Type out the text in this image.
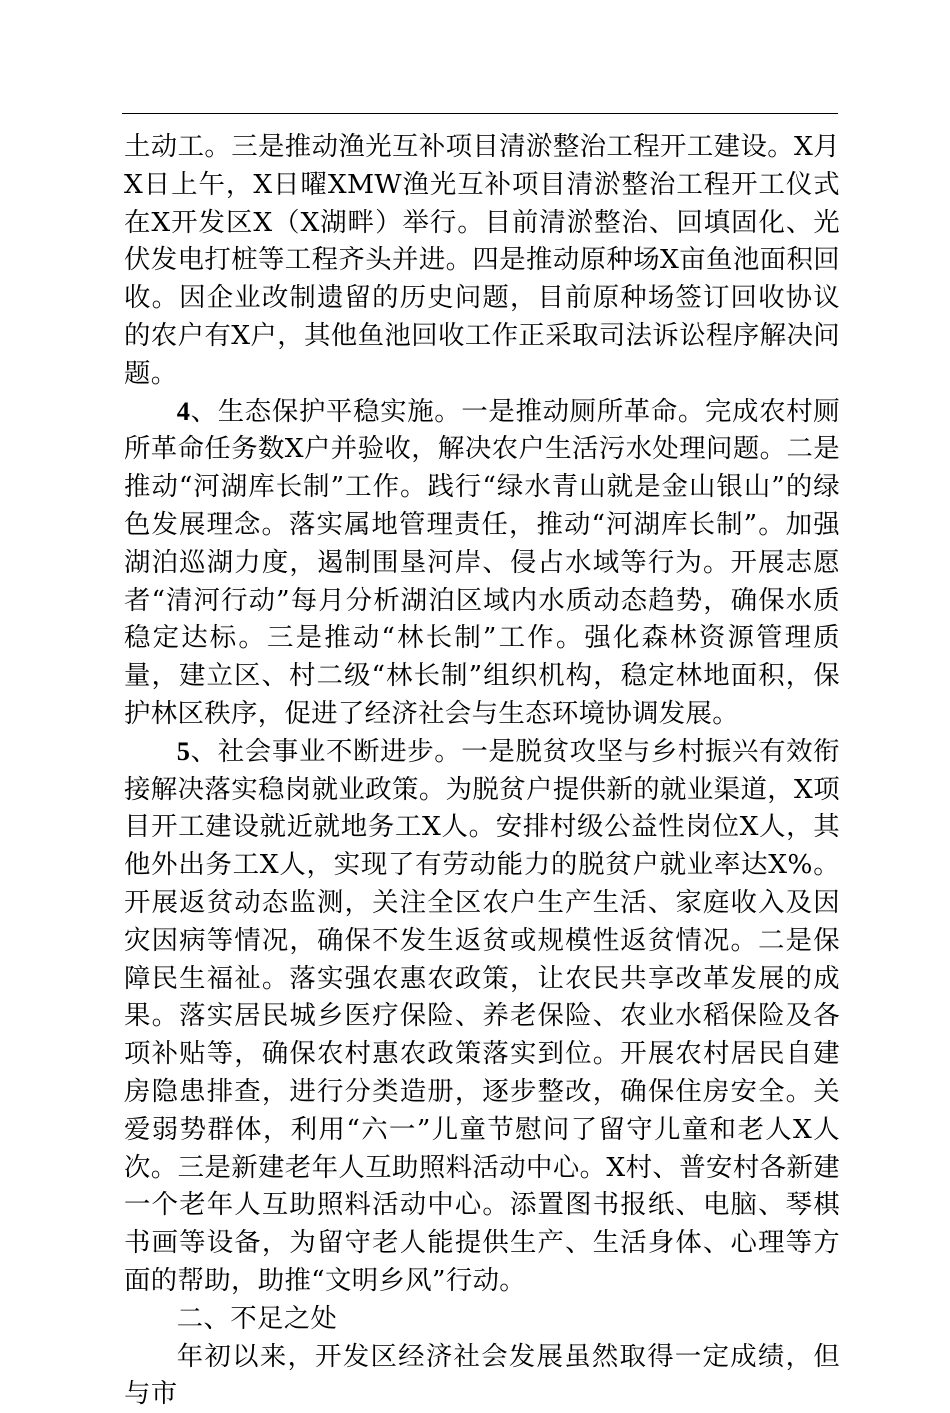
土动工。三是推动渔光互补项目清淤整治工程开工建设。X月X日上午，X日曜XMW渔光互补项目清淤整治工程开工仪式在X开发区X（X湖畔）举行。目前清淤整治、回填固化、光伏发电打桩等工程齐头并进。四是推动原种场X亩鱼池面积回收。因企业改制遗留的历史问题，目前原种场签订回收协议的农户有X户，其他鱼池回收工作正采取司法诉讼程序解决问题。

4、生态保护平稳实施。一是推动厕所革命。完成农村厕所革命任务数X户并验收，解决农户生活污水处理问题。二是推动“河湖库长制”工作。践行“绿水青山就是金山银山”的绿色发展理念。落实属地管理责任，推动“河湖库长制”。加强湖泊巡湖力度，遏制围垦河岸、侵占水域等行为。开展志愿者“清河行动”每月分析湖泊区域内水质动态趋势，确保水质稳定达标。三是推动“林长制”工作。强化森林资源管理质量，建立区、村二级“林长制”组织机构，稳定林地面积，保护林区秩序，促进了经济社会与生态环境协调发展。

5、社会事业不断进步。一是脱贫攻坚与乡村振兴有效衔接解决落实稳岗就业政策。为脱贫户提供新的就业渠道，X项目开工建设就近就地务工X人。安排村级公益性岗位X人，其他外出务工X人，实现了有劳动能力的脱贫户就业率达X%。开展返贫动态监测，关注全区农户生产生活、家庭收入及因灾因病等情况，确保不发生返贫或规模性返贫情况。二是保障民生福祉。落实强农惠农政策，让农民共享改革发展的成果。落实居民城乡医疗保险、养老保险、农业水稻保险及各项补贴等，确保农村惠农政策落实到位。开展农村居民自建房隐患排查，进行分类造册，逐步整改，确保住房安全。关爱弱势群体，利用“六一”儿童节慰问了留守儿童和老人X人次。三是新建老年人互助照料活动中心。X村、普安村各新建一个老年人互助照料活动中心。添置图书报纸、电脑、琴棋书画等设备，为留守老人能提供生产、生活身体、心理等方面的帮助，助推“文明乡风”行动。

二、不足之处

年初以来，开发区经济社会发展虽然取得一定成绩，但与市
